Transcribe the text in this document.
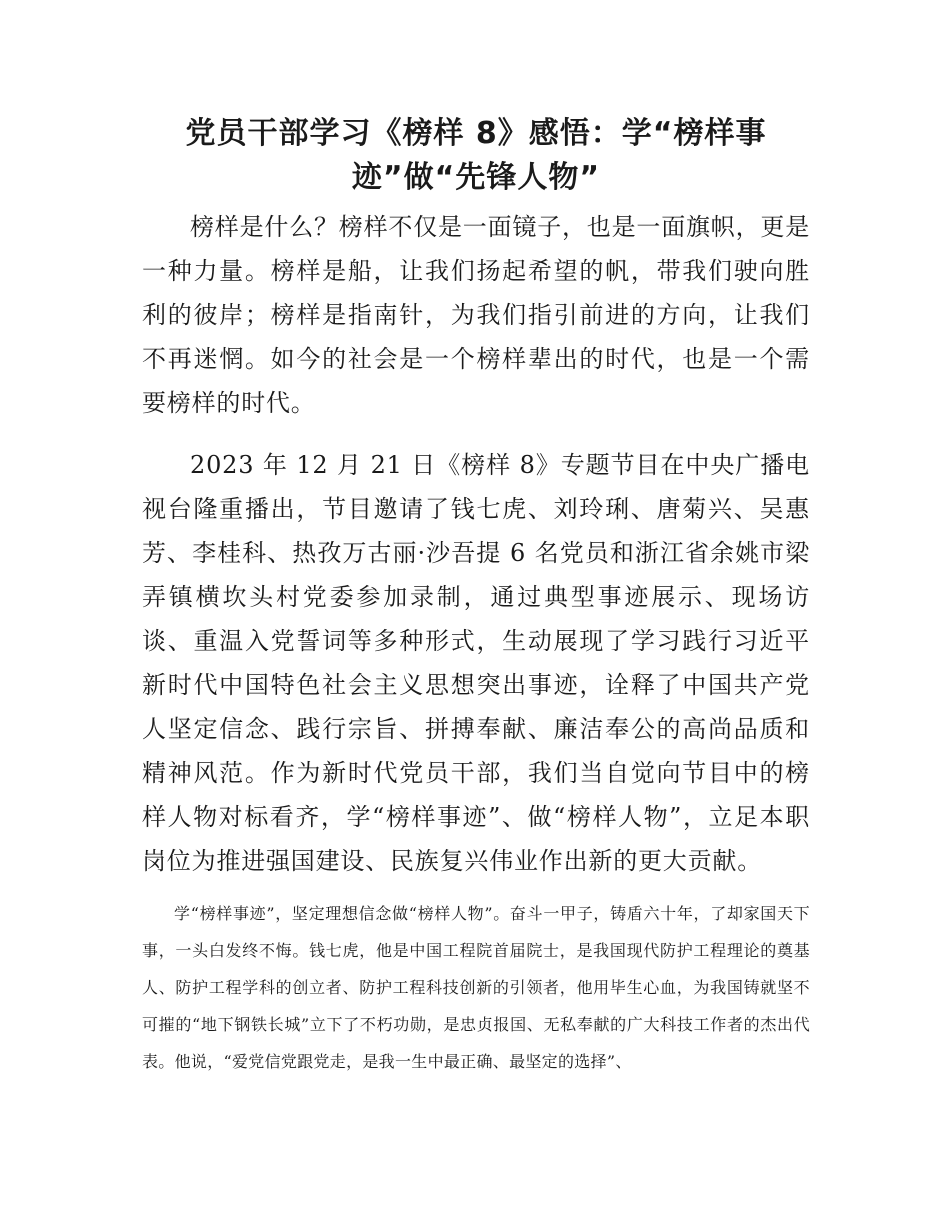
党员干部学习《榜样 8》感悟：学“榜样事迹”做“先锋人物”

榜样是什么？榜样不仅是一面镜子，也是一面旗帜，更是一种力量。榜样是船，让我们扬起希望的帆，带我们驶向胜利的彼岸；榜样是指南针，为我们指引前进的方向，让我们不再迷惘。如今的社会是一个榜样辈出的时代，也是一个需要榜样的时代。

2023 年 12 月 21 日《榜样 8》专题节目在中央广播电视台隆重播出，节目邀请了钱七虎、刘玲琍、唐菊兴、吴惠芳、李桂科、热孜万古丽·沙吾提 6 名党员和浙江省余姚市梁弄镇横坎头村党委参加录制，通过典型事迹展示、现场访谈、重温入党誓词等多种形式，生动展现了学习践行习近平新时代中国特色社会主义思想突出事迹，诠释了中国共产党人坚定信念、践行宗旨、拼搏奉献、廉洁奉公的高尚品质和精神风范。作为新时代党员干部，我们当自觉向节目中的榜样人物对标看齐，学“榜样事迹”、做“榜样人物”，立足本职岗位为推进强国建设、民族复兴伟业作出新的更大贡献。

学“榜样事迹”，坚定理想信念做“榜样人物”。奋斗一甲子，铸盾六十年，了却家国天下事，一头白发终不悔。钱七虎，他是中国工程院首届院士，是我国现代防护工程理论的奠基人、防护工程学科的创立者、防护工程科技创新的引领者，他用毕生心血，为我国铸就坚不可摧的“地下钢铁长城”立下了不朽功勋，是忠贞报国、无私奉献的广大科技工作者的杰出代表。他说，“爱党信党跟党走，是我一生中最正确、最坚定的选择”、
